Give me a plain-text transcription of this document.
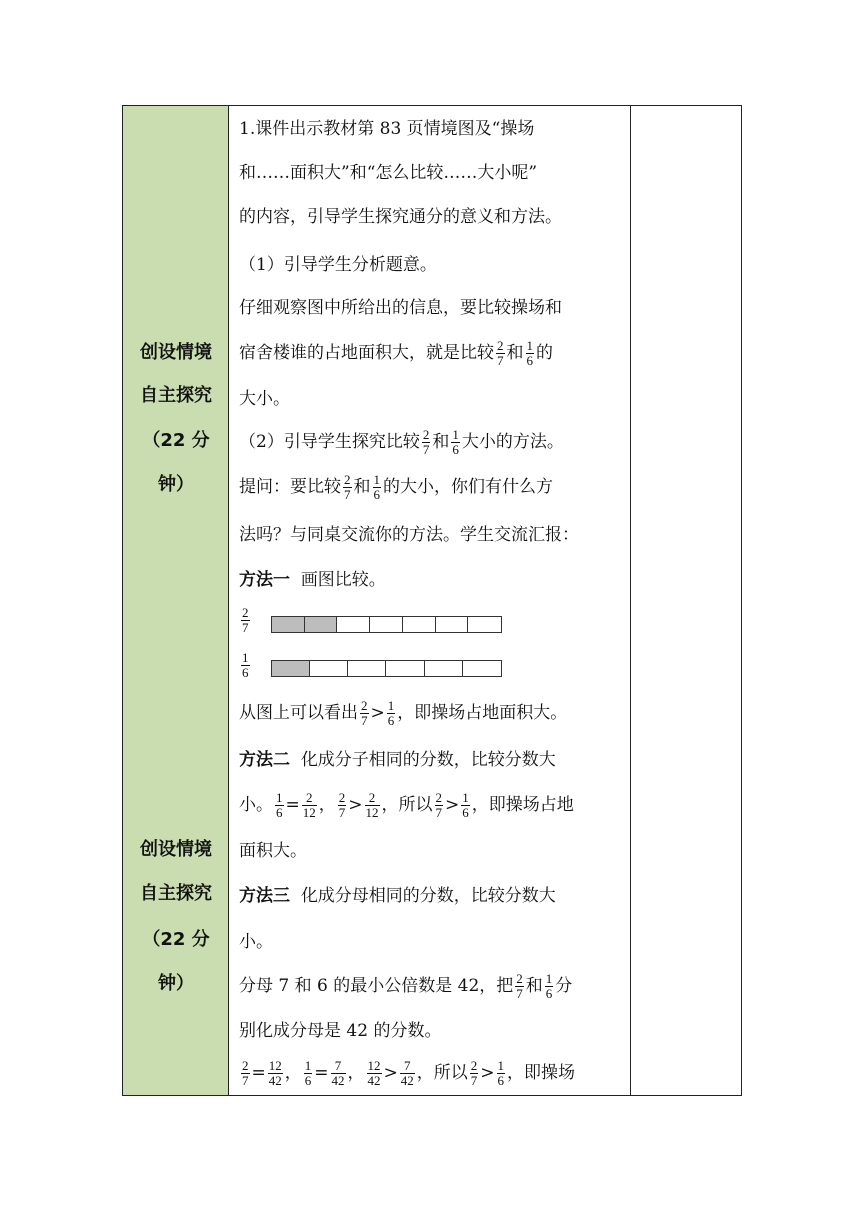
创设情境
自主探究
（22 分
钟）
创设情境
自主探究
（22 分
钟）
1.课件出示教材第 83 页情境图及“操场
和……面积大”和“怎么比较……大小呢”
的内容，引导学生探究通分的意义和方法。
（1）引导学生分析题意。
仔细观察图中所给出的信息，要比较操场和
宿舍楼谁的占地面积大，就是比较 $\frac{2}{7}$ 和 $\frac{1}{6}$ 的
大小。
（2）引导学生探究比较 $\frac{2}{7}$ 和 $\frac{1}{6}$ 大小的方法。
提问：要比较 $\frac{2}{7}$ 和 $\frac{1}{6}$ 的大小，你们有什么方
法吗？与同桌交流你的方法。学生交流汇报：
方法一 画图比较。
$\frac{2}{7}$
$\frac{1}{6}$
从图上可以看出 $\frac{2}{7} > \frac{1}{6}$ ，即操场占地面积大。
方法二 化成分子相同的分数，比较分数大
小。 $\frac{1}{6} = \frac{2}{12}$ ， $\frac{2}{7} > \frac{2}{12}$ ，所以 $\frac{2}{7} > \frac{1}{6}$ ，即操场占地
面积大。
方法三 化成分母相同的分数，比较分数大
小。
分母 7 和 6 的最小公倍数是 42，把 $\frac{2}{7}$ 和 $\frac{1}{6}$ 分
别化成分母是 42 的分数。
$\frac{2}{7} = \frac{12}{42}$ ， $\frac{1}{6} = \frac{7}{42}$ ， $\frac{12}{42} > \frac{7}{42}$ ，所以 $\frac{2}{7} > \frac{1}{6}$ ，即操场
